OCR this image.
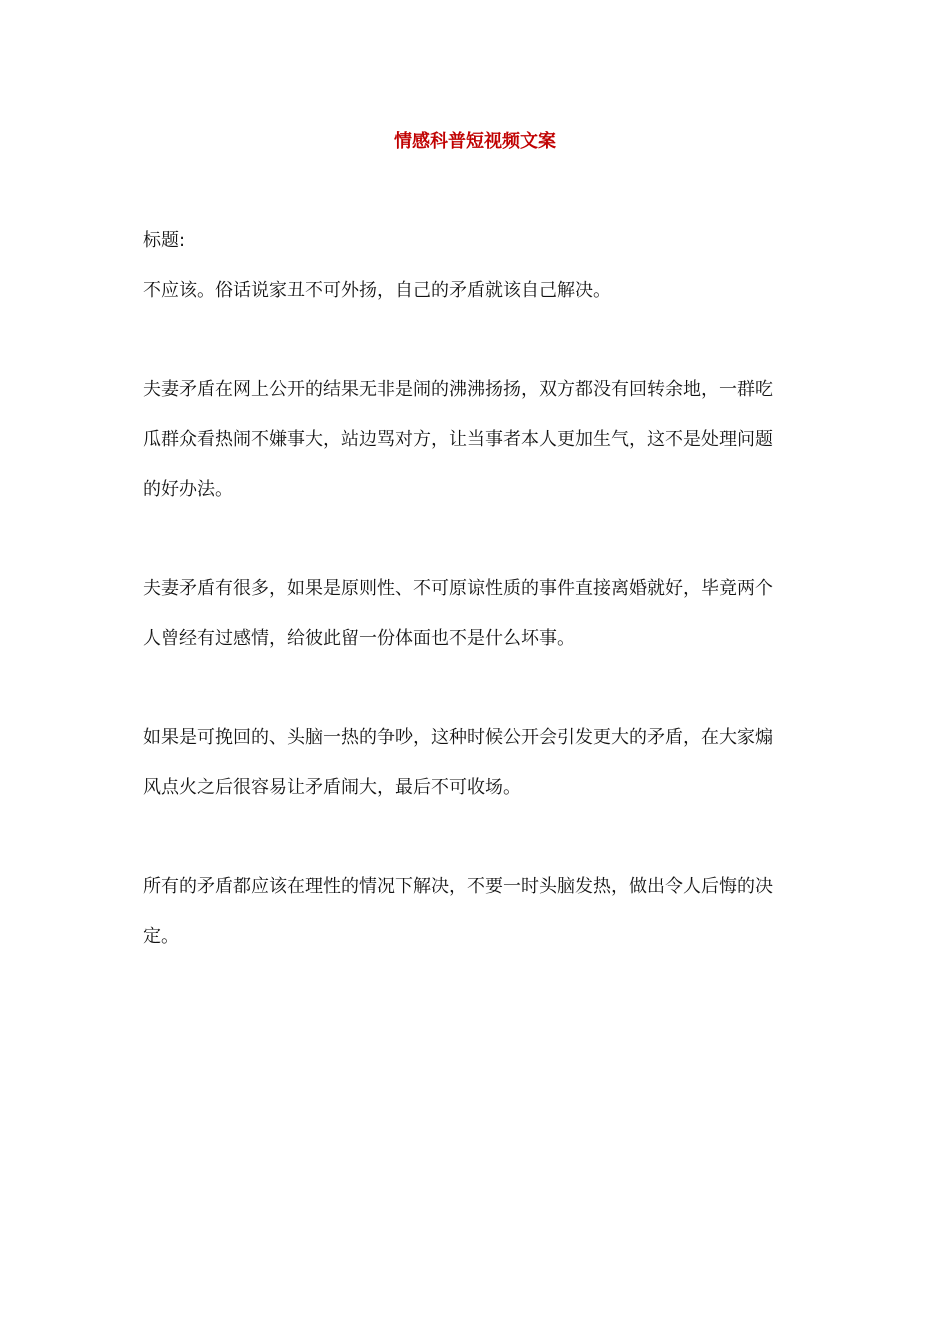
情感科普短视频文案

标题:

不应该。俗话说家丑不可外扬，自己的矛盾就该自己解决。

夫妻矛盾在网上公开的结果无非是闹的沸沸扬扬，双方都没有回转余地，一群吃
瓜群众看热闹不嫌事大，站边骂对方，让当事者本人更加生气，这不是处理问题
的好办法。

夫妻矛盾有很多，如果是原则性、不可原谅性质的事件直接离婚就好，毕竟两个
人曾经有过感情，给彼此留一份体面也不是什么坏事。

如果是可挽回的、头脑一热的争吵，这种时候公开会引发更大的矛盾，在大家煽
风点火之后很容易让矛盾闹大，最后不可收场。

所有的矛盾都应该在理性的情况下解决，不要一时头脑发热，做出令人后悔的决
定。
